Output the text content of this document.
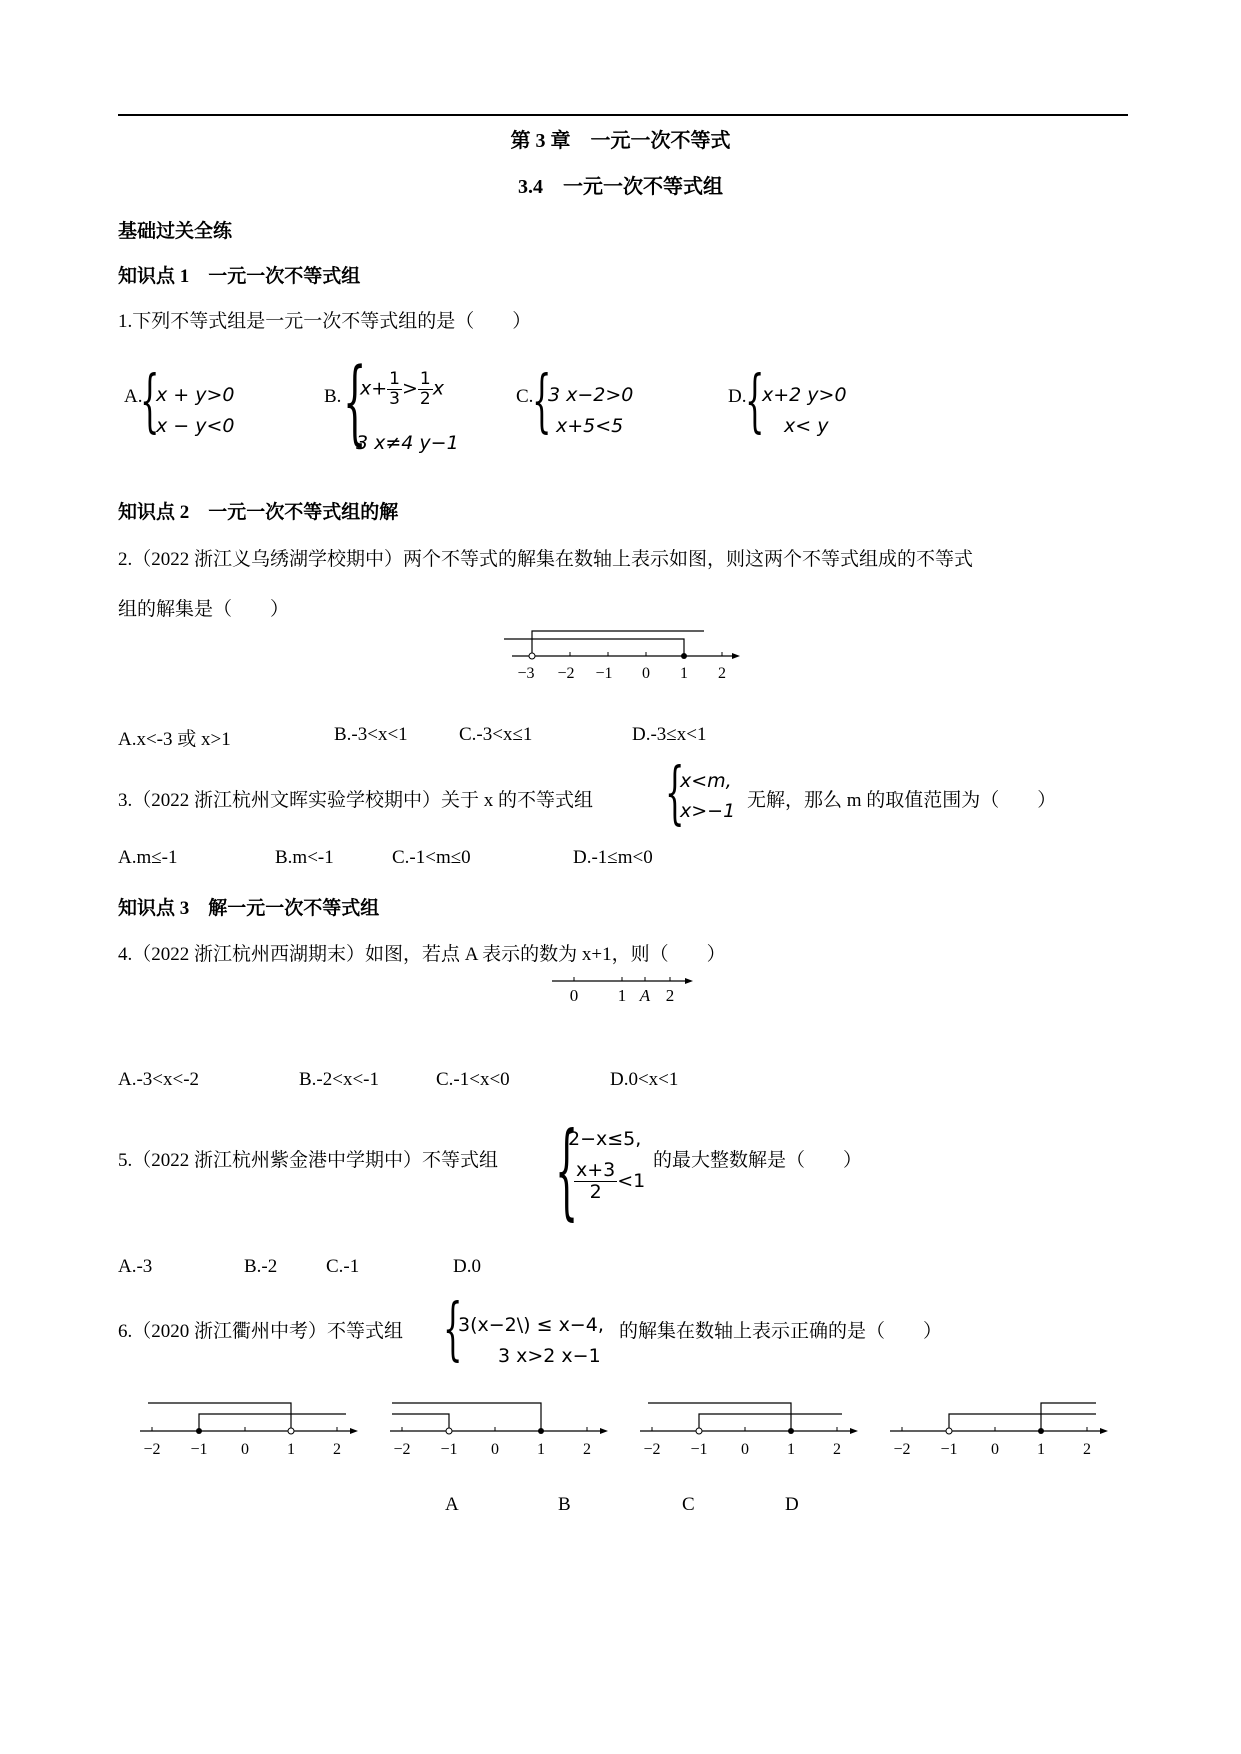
第 3 章　一元一次不等式
3.4　一元一次不等式组
基础过关全练
知识点 1　一元一次不等式组
1.下列不等式组是一元一次不等式组的是（　　）
A.
{
x + y>0
x − y<0
B. {
$x+ \frac{1}{3} > \frac{1}{2}$ x
3 x≠4 y−1
C.
{
3 x−2>0
x+5<5
D.
{
x+2 y>0
x< y
知识点 2　一元一次不等式组的解
2.（2022 浙江义乌绣湖学校期中）两个不等式的解集在数轴上表示如图，则这两个不等式组成的不等式
组的解集是（　　）
−3 −2 −1 0 1 2
A.x<-3 或 x>1	B.-3<x<1	C.-3<x≤1	D.-3≤x<1
3.（2022 浙江杭州文晖实验学校期中）关于 x 的不等式组 {
x<m,
x>−1 无解，那么 m 的取值范围为（　　）
A.m≤-1	B.m<-1	C.-1<m≤0	D.-1≤m<0
知识点 3　解一元一次不等式组
4.（2022 浙江杭州西湖期末）如图，若点 A 表示的数为 x+1，则（　　）
0 1 A 2
A.-3<x<-2	B.-2<x<-1	C.-1<x<0	D.0<x<1
5.（2022 浙江杭州紫金港中学期中）不等式组 {
2−x≤5,
$\frac{x+3}{2} <1$
的最大整数解是（　　）
A.-3	B.-2	C.-1	D.0
6.（2020 浙江衢州中考）不等式组 {
3(x−2\) ≤ x−4,
3 x>2 x−1
的解集在数轴上表示正确的是（　　）
−2 −1 0 1 2	−2 −1 0 1 2	−2 −1 0 1 2	−2 −1 0 1 2
A	B	C	D
